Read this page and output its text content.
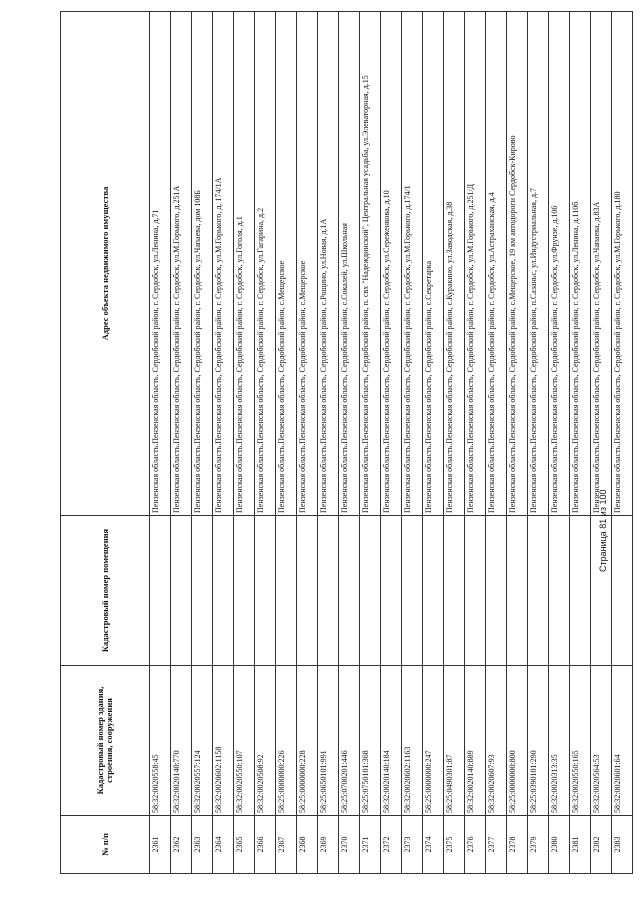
№ п/п	Кадастровый номер здания, строения, сооружения	Кадастровый номер помещения	Адрес объекта недвижимого имущества
2361	58:32:0020558:45		Пензенская область.Пензенская область. Сердобский район, г. Сердобск, ул.Ленина, д.71
2362	58:32:0020140:770		Пензенская область.Пензенская область, Сердобский район, г. Сердобск, ул.М.Горького, д.251А
2363	58:32:0020557:124		Пензенская область.Пензенская область, Сердобский район, г. Сердобск, ул.Чапаева, дом 108Б
2364	58:32:0020602:1158		Пензенская область.Пензенская область, Сердобский район, г. Сердобск, ул.М.Горького, д. 174/1А
2365	58:32:0020550:107		Пензенская область.Пензенская область, Сердобский район, г. Сердобск, ул.Гоголя, д.1
2366	58:32:0020508:92		Пензенская область.Пензенская область, Сердобский район, г. Сердобск, ул.Гагарина, д.2
2367	58:25:0000000:226		Пензенская область.Пензенская область, Сердобский район, с.Мещерское
2368	58:25:0000000:228		Пензенская область.Пензенская область, Сердобский район, с.Мещерское
2369	58:25:0650101:991		Пензенская область.Пензенская область, Сердобский район, с.Рощино, ул.Новая, д.1А
2370	58:25:0700201:446		Пензенская область.Пензенская область, Сердобский район, с.Сокалей, ул.Школьная
2371	58:25:0750101:368		Пензенская область.Пензенская область, Сердобский район, п. свх "Надеждинский", Центральная усадьба, ул.Элеваторная, д.15
2372	58:32:0020140:184		Пензенская область.Пензенская область, Сердобский район, г. Сердобск, ул.Сереженкова, д.10
2373	58:32:0020602:1163		Пензенская область.Пензенская область, Сердобский район, г. Сердобск, ул.М.Горького, д.174/1
2374	58:25:0000000:247		Пензенская область.Пензенская область, Сердобский район, с.Секретарка
2375	58:25:0490301:87		Пензенская область.Пензенская область, Сердобский район, с.Куракино, ул.Заводская, д.38
2376	58:32:0020140:889		Пензенская область.Пензенская область, Сердобский район, г. Сердобск, ул.М.Горького, д.251/Д
2377	58:32:0020607:93		Пензенская область.Пензенская область, Сердобский район, г. Сердобск, ул.Астраханская, д.4
2378	58:25:0000000:800		Пензенская область.Пензенская область, Сердобский район, с.Мещерское, 19 км автодороги Сердобск-Кирово
2379	58:25:0390101:290		Пензенская область.Пензенская область, Сердобский район, п.Сазаньс, ул.Индустриальная, д.7
2380	58:32:0020313:35		Пензенская область.Пензенская область, Сердобский район, г. Сердобск, ул.Фрунзе, д.106
2381	58:32:0020550:165		Пензенская область.Пензенская область, Сердобский район, г. Сердобск, ул.Ленина, д.110б
2382	58:32:0020564:53		Пензенская область.Пензенская область, Сердобский район, г. Сердобск, ул.Чапаева, д.83А
2383	58:32:0020601:64		Пензенская область.Пензенская область, Сердобский район, г. Сердобск, ул.М.Горького, д.180
Страница 81 из 100
